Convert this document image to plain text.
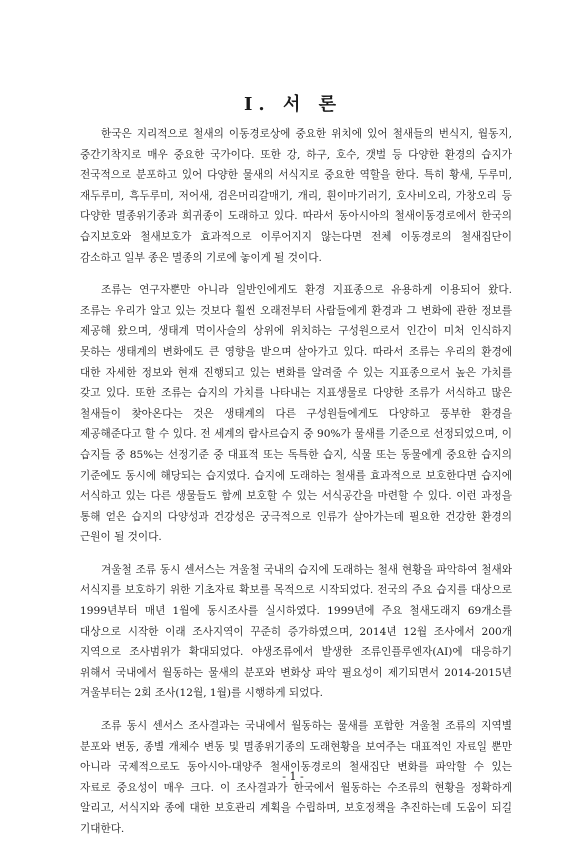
Ⅰ. 서 론

한국은 지리적으로 철새의 이동경로상에 중요한 위치에 있어 철새들의 번식지, 월동지, 중간기착지로 매우 중요한 국가이다. 또한 강, 하구, 호수, 갯벌 등 다양한 환경의 습지가 전국적으로 분포하고 있어 다양한 물새의 서식지로 중요한 역할을 한다. 특히 황새, 두루미, 재두루미, 흑두루미, 저어새, 검은머리갈매기, 개리, 흰이마기러기, 호사비오리, 가창오리 등 다양한 멸종위기종과 희귀종이 도래하고 있다. 따라서 동아시아의 철새이동경로에서 한국의 습지보호와 철새보호가 효과적으로 이루어지지 않는다면 전체 이동경로의 철새집단이 감소하고 일부 종은 멸종의 기로에 놓이게 될 것이다.

조류는 연구자뿐만 아니라 일반인에게도 환경 지표종으로 유용하게 이용되어 왔다. 조류는 우리가 알고 있는 것보다 훨씬 오래전부터 사람들에게 환경과 그 변화에 관한 정보를 제공해 왔으며, 생태계 먹이사슬의 상위에 위치하는 구성원으로서 인간이 미처 인식하지 못하는 생태계의 변화에도 큰 영향을 받으며 살아가고 있다. 따라서 조류는 우리의 환경에 대한 자세한 정보와 현재 진행되고 있는 변화를 알려줄 수 있는 지표종으로서 높은 가치를 갖고 있다. 또한 조류는 습지의 가치를 나타내는 지표생물로 다양한 조류가 서식하고 많은 철새들이 찾아온다는 것은 생태계의 다른 구성원들에게도 다양하고 풍부한 환경을 제공해준다고 할 수 있다. 전 세계의 람사르습지 중 90%가 물새를 기준으로 선정되었으며, 이 습지들 중 85%는 선정기준 중 대표적 또는 독특한 습지, 식물 또는 동물에게 중요한 습지의 기준에도 동시에 해당되는 습지였다. 습지에 도래하는 철새를 효과적으로 보호한다면 습지에 서식하고 있는 다른 생물들도 함께 보호할 수 있는 서식공간을 마련할 수 있다. 이런 과정을 통해 얻은 습지의 다양성과 건강성은 궁극적으로 인류가 살아가는데 필요한 건강한 환경의 근원이 될 것이다.

겨울철 조류 동시 센서스는 겨울철 국내의 습지에 도래하는 철새 현황을 파악하여 철새와 서식지를 보호하기 위한 기초자료 확보를 목적으로 시작되었다. 전국의 주요 습지를 대상으로 1999년부터 매년 1월에 동시조사를 실시하였다. 1999년에 주요 철새도래지 69개소를 대상으로 시작한 이래 조사지역이 꾸준히 증가하였으며, 2014년 12월 조사에서 200개 지역으로 조사범위가 확대되었다. 야생조류에서 발생한 조류인플루엔자(AI)에 대응하기 위해서 국내에서 월동하는 물새의 분포와 변화상 파악 필요성이 제기되면서 2014-2015년 겨울부터는 2회 조사(12월, 1월)를 시행하게 되었다.

조류 동시 센서스 조사결과는 국내에서 월동하는 물새를 포함한 겨울철 조류의 지역별 분포와 변동, 종별 개체수 변동 및 멸종위기종의 도래현황을 보여주는 대표적인 자료일 뿐만 아니라 국제적으로도 동아시아-대양주 철새이동경로의 철새집단 변화를 파악할 수 있는 자료로 중요성이 매우 크다. 이 조사결과가 한국에서 월동하는 수조류의 현황을 정확하게 알리고, 서식지와 종에 대한 보호관리 계획을 수립하며, 보호정책을 추진하는데 도움이 되길 기대한다.

- 1 -
